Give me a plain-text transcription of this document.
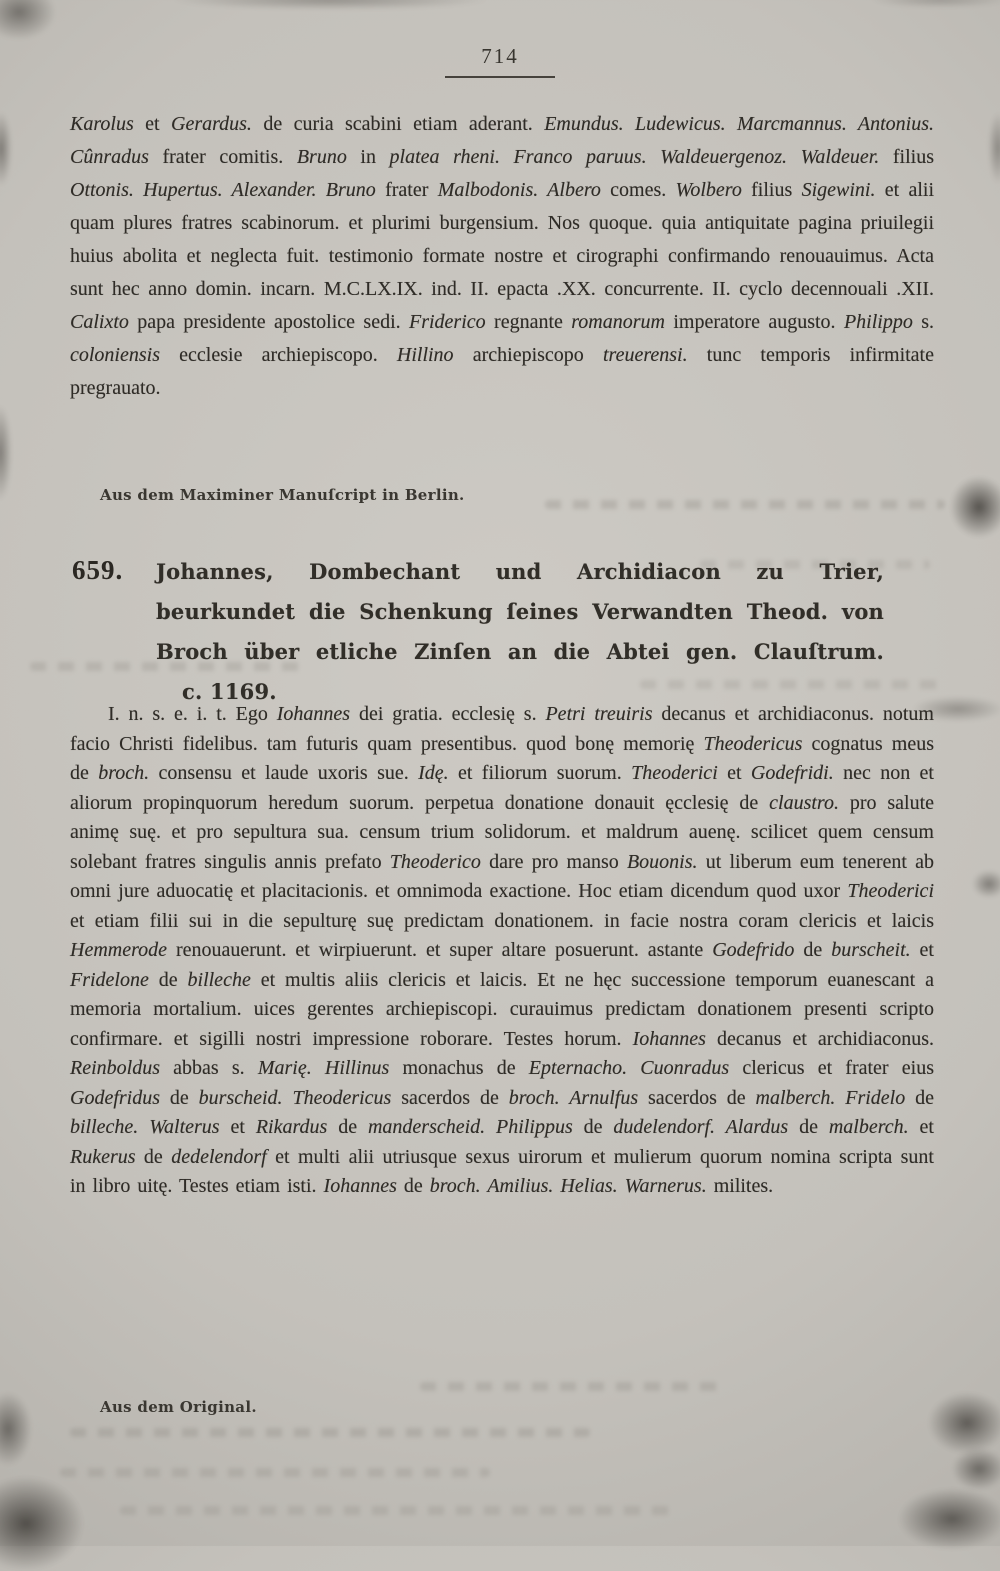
714

Karolus et Gerardus. de curia scabini etiam aderant. Emundus. Ludewicus. Marcmannus. Antonius. Cûnradus frater comitis. Bruno in platea rheni. Franco paruus. Waldeuergenoz. Waldeuer. filius Ottonis. Hupertus. Alexander. Bruno frater Malbodonis. Albero comes. Wolbero filius Sigewini. et alii quam plures fratres scabinorum. et plurimi burgensium. Nos quoque. quia antiquitate pagina priuilegii huius abolita et neglecta fuit. testimonio formate nostre et cirographi confirmando renouauimus. Acta sunt hec anno domin. incarn. M.C.LX.IX. ind. II. epacta .XX. concurrente. II. cyclo decennouali .XII. Calixto papa presidente apostolice sedi. Friderico regnante romanorum imperatore augusto. Philippo s. coloniensis ecclesie archiepiscopo. Hillino archiepiscopo treuerensi. tunc temporis infirmitate pregrauato.

Aus dem Maximiner Manuſcript in Berlin.
659. Johannes, Dombechant und Archidiacon zu Trier, beurkundet die Schenkung ſeines Verwandten Theod. von Broch über etliche Zinſen an die Abtei gen. Clauſtrum. c. 1169.

I. n. s. e. i. t. Ego Iohannes dei gratia. ecclesię s. Petri treuiris decanus et archidiaconus. notum facio Christi fidelibus. tam futuris quam presentibus. quod bonę memorię Theodericus cognatus meus de broch. consensu et laude uxoris sue. Idę. et filiorum suorum. Theoderici et Godefridi. nec non et aliorum propinquorum heredum suorum. perpetua donatione donauit ęcclesię de claustro. pro salute animę suę. et pro sepultura sua. censum trium solidorum. et maldrum auenę. scilicet quem censum solebant fratres singulis annis prefato Theoderico dare pro manso Bouonis. ut liberum eum tenerent ab omni jure aduocatię et placitacionis. et omnimoda exactione. Hoc etiam dicendum quod uxor Theoderici et etiam filii sui in die sepulturę suę predictam donationem. in facie nostra coram clericis et laicis Hemmerode renouauerunt. et wirpiuerunt. et super altare posuerunt. astante Godefrido de burscheit. et Fridelone de billeche et multis aliis clericis et laicis. Et ne hęc successione temporum euanescant a memoria mortalium. uices gerentes archiepiscopi. curauimus predictam donationem presenti scripto confirmare. et sigilli nostri impressione roborare. Testes horum. Iohannes decanus et archidiaconus. Reinboldus abbas s. Marię. Hillinus monachus de Epternacho. Cuonradus clericus et frater eius Godefridus de burscheid. Theodericus sacerdos de broch. Arnulfus sacerdos de malberch. Fridelo de billeche. Walterus et Rikardus de manderscheid. Philippus de dudelendorf. Alardus de malberch. et Rukerus de dedelendorf et multi alii utriusque sexus uirorum et mulierum quorum nomina scripta sunt in libro uitę. Testes etiam isti. Iohannes de broch. Amilius. Helias. Warnerus. milites.

Aus dem Original.
